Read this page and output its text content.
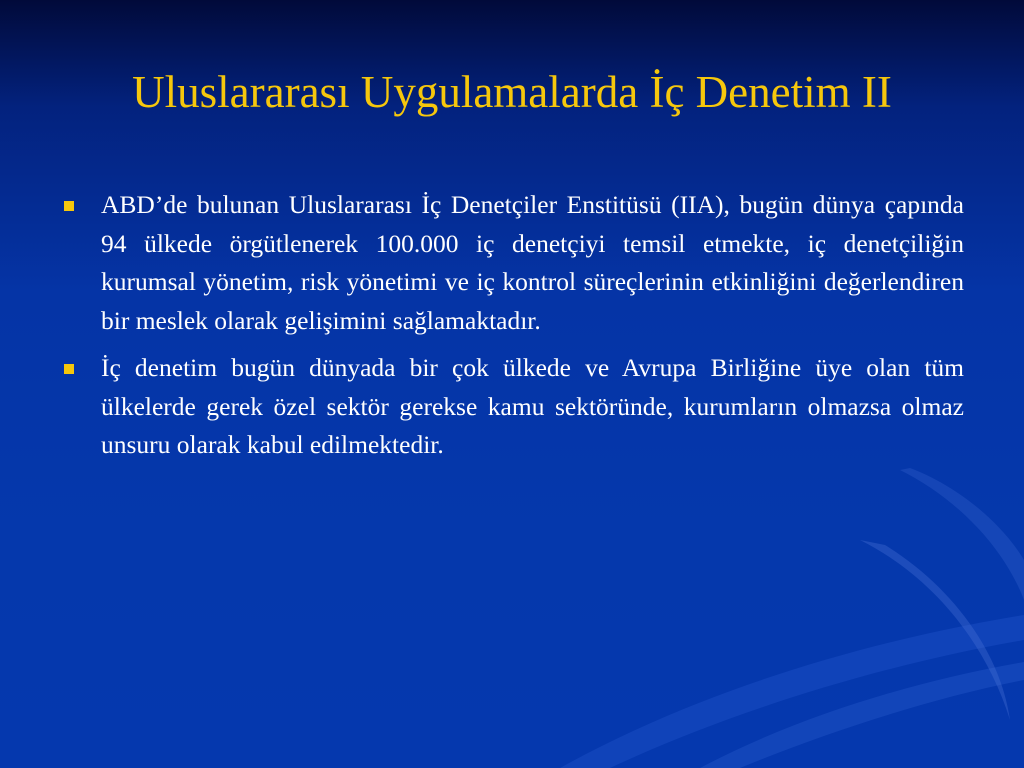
Uluslararası Uygulamalarda İç Denetim II
ABD’de bulunan Uluslararası İç Denetçiler Enstitüsü (IIA), bugün dünya çapında 94 ülkede örgütlenerek 100.000 iç denetçiyi temsil etmekte, iç denetçiliğin kurumsal yönetim, risk yönetimi ve iç kontrol süreçlerinin etkinliğini değerlendiren bir meslek olarak gelişimini sağlamaktadır.
İç denetim bugün dünyada bir çok ülkede ve Avrupa Birliğine üye olan tüm ülkelerde gerek özel sektör gerekse kamu sektöründe, kurumların olmazsa olmaz unsuru olarak kabul edilmektedir.
